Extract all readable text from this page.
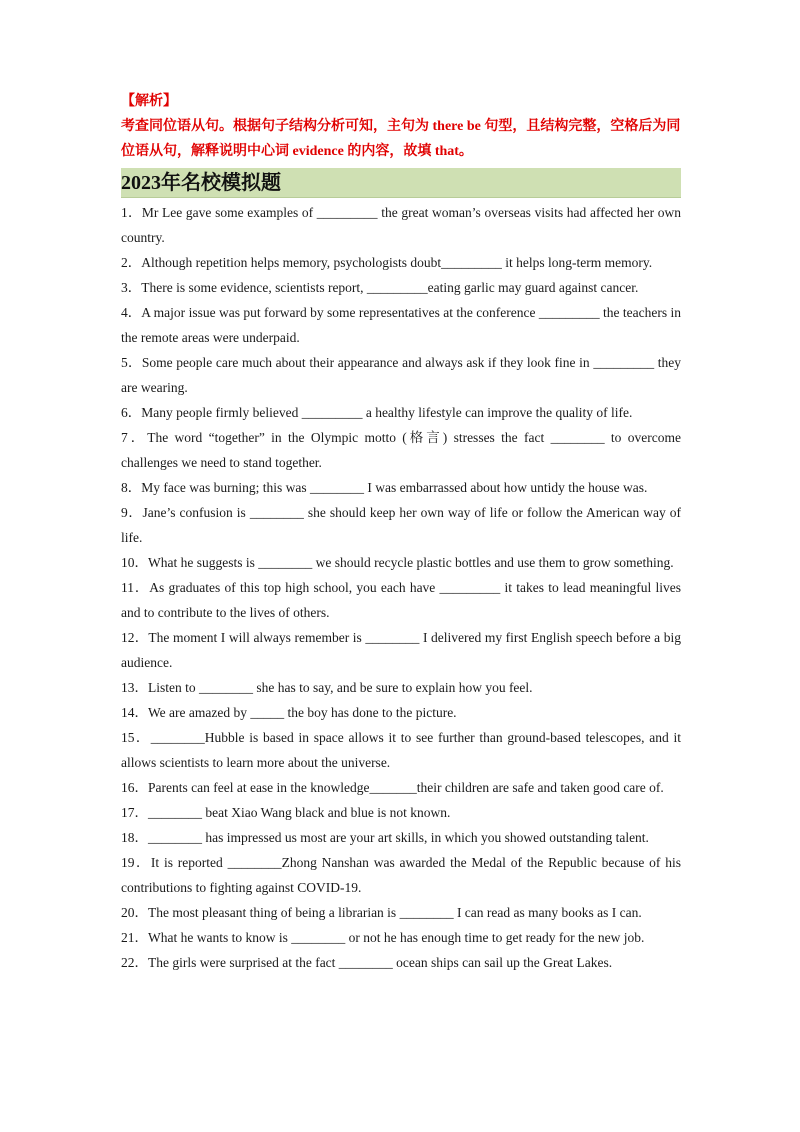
【解析】

考查同位语从句。根据句子结构分析可知，主句为 there be 句型，且结构完整，空格后为同位语从句，解释说明中心词 evidence 的内容，故填 that。

2023年名校模拟题

1．Mr Lee gave some examples of _________ the great woman’s overseas visits had affected her own country.

2．Although repetition helps memory, psychologists doubt_________ it helps long-term memory.

3．There is some evidence, scientists report, _________eating garlic may guard against cancer.

4．A major issue was put forward by some representatives at the conference _________ the teachers in the remote areas were underpaid.

5．Some people care much about their appearance and always ask if they look fine in _________ they are wearing.

6．Many people firmly believed _________ a healthy lifestyle can improve the quality of life.

7．The word “together” in the Olympic motto (格言) stresses the fact ________ to overcome challenges we need to stand together.

8．My face was burning; this was ________ I was embarrassed about how untidy the house was.

9．Jane’s confusion is ________ she should keep her own way of life or follow the American way of life.

10．What he suggests is ________ we should recycle plastic bottles and use them to grow something.

11．As graduates of this top high school, you each have _________ it takes to lead meaningful lives and to contribute to the lives of others.

12．The moment I will always remember is ________ I delivered my first English speech before a big audience.

13．Listen to ________ she has to say, and be sure to explain how you feel.

14．We are amazed by _____ the boy has done to the picture.

15．________Hubble is based in space allows it to see further than ground-based telescopes, and it allows scientists to learn more about the universe.

16．Parents can feel at ease in the knowledge_______their children are safe and taken good care of.

17．________ beat Xiao Wang black and blue is not known.

18．________ has impressed us most are your art skills, in which you showed outstanding talent.

19．It is reported ________Zhong Nanshan was awarded the Medal of the Republic because of his contributions to fighting against COVID-19.

20．The most pleasant thing of being a librarian is ________ I can read as many books as I can.

21．What he wants to know is ________ or not he has enough time to get ready for the new job.

22．The girls were surprised at the fact ________ ocean ships can sail up the Great Lakes.
